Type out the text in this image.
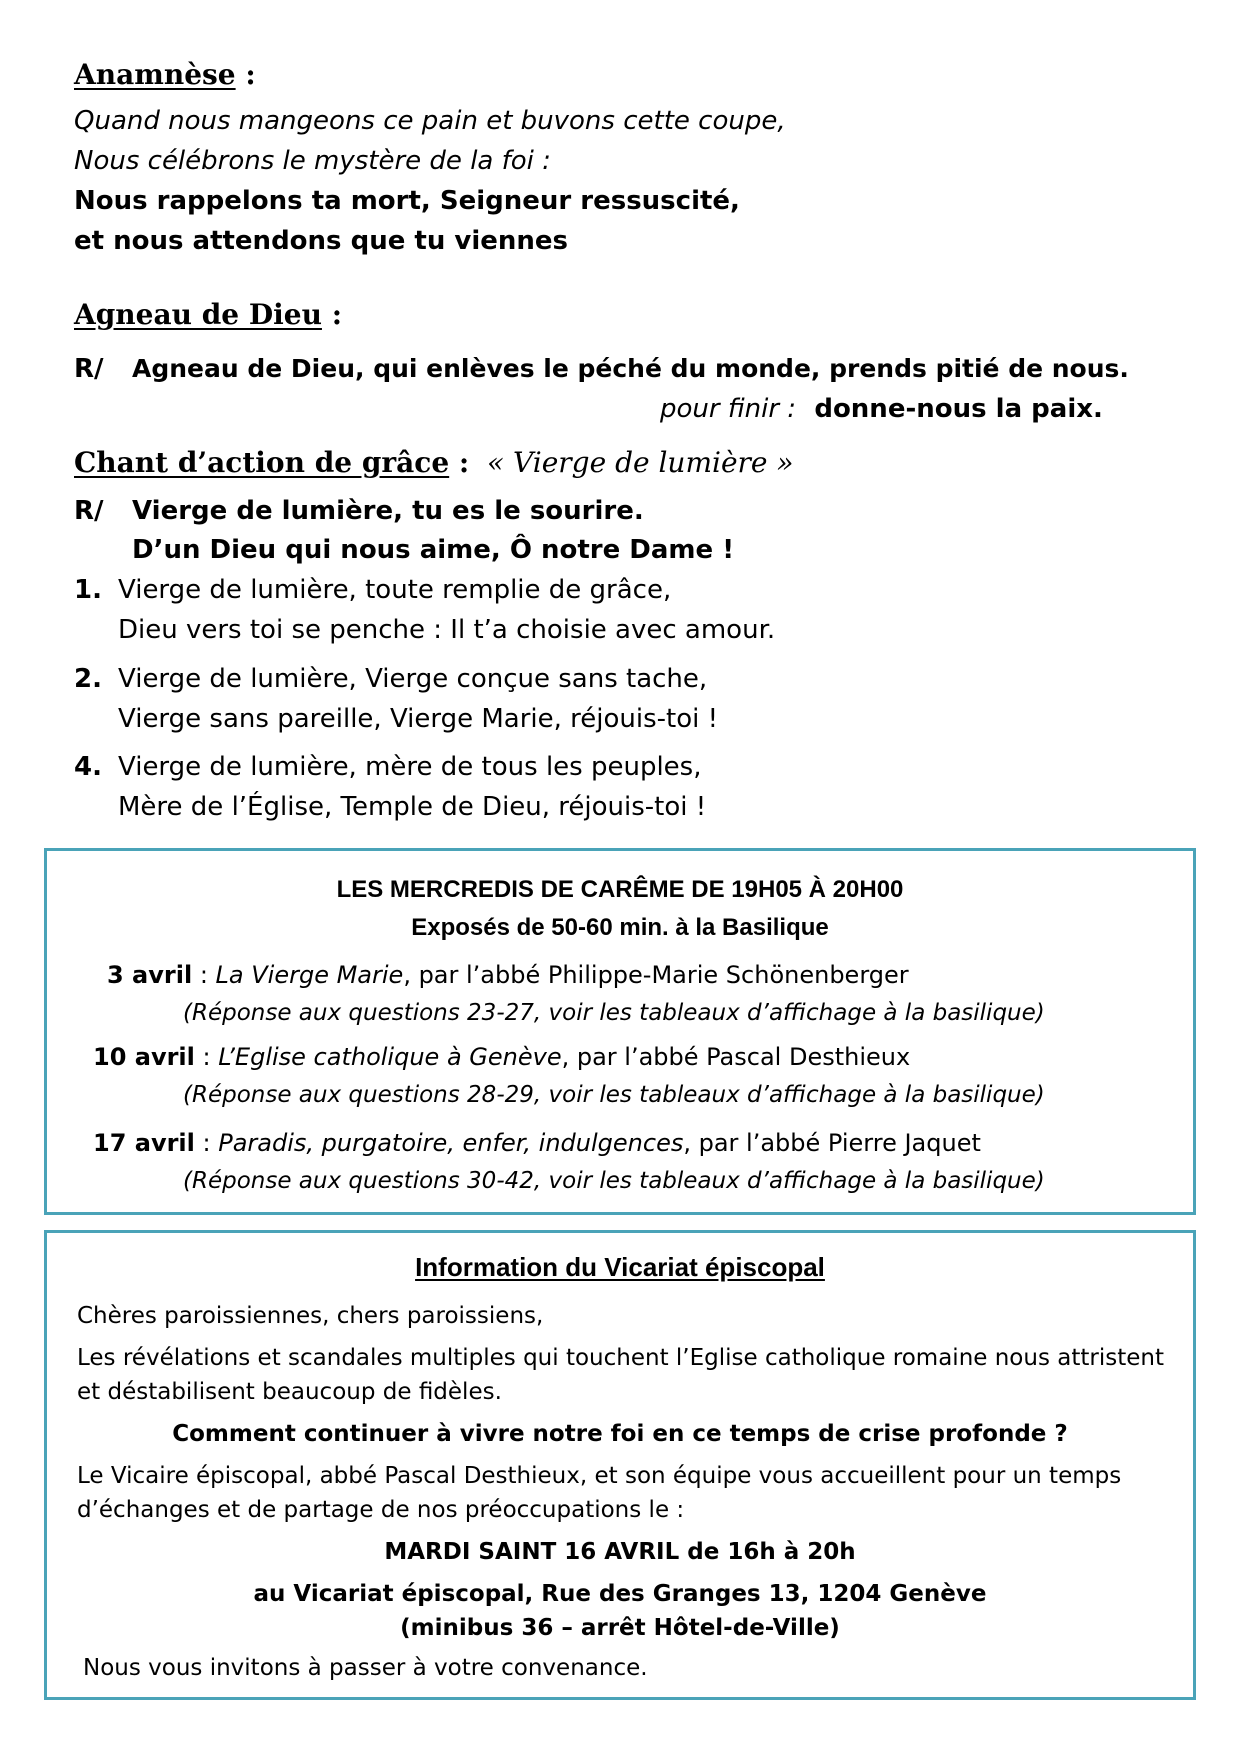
Anamnèse :
Quand nous mangeons ce pain et buvons cette coupe,
Nous célébrons le mystère de la foi :
Nous rappelons ta mort, Seigneur ressuscité,
et nous attendons que tu viennes
Agneau de Dieu :
R/ Agneau de Dieu, qui enlèves le péché du monde, prends pitié de nous.
pour finir : donne-nous la paix.
Chant d’action de grâce : « Vierge de lumière »
R/ Vierge de lumière, tu es le sourire.
D’un Dieu qui nous aime, Ô notre Dame !
1. Vierge de lumière, toute remplie de grâce,
Dieu vers toi se penche : Il t’a choisie avec amour.
2. Vierge de lumière, Vierge conçue sans tache,
Vierge sans pareille, Vierge Marie, réjouis-toi !
4. Vierge de lumière, mère de tous les peuples,
Mère de l’Église, Temple de Dieu, réjouis-toi !
LES MERCREDIS DE CARÊME DE 19H05 À 20H00
Exposés de 50-60 min. à la Basilique
3 avril : La Vierge Marie, par l’abbé Philippe-Marie Schönenberger
(Réponse aux questions 23-27, voir les tableaux d’affichage à la basilique)
10 avril : L’Eglise catholique à Genève, par l’abbé Pascal Desthieux
(Réponse aux questions 28-29, voir les tableaux d’affichage à la basilique)
17 avril : Paradis, purgatoire, enfer, indulgences, par l’abbé Pierre Jaquet
(Réponse aux questions 30-42, voir les tableaux d’affichage à la basilique)
Information du Vicariat épiscopal
Chères paroissiennes, chers paroissiens,
Les révélations et scandales multiples qui touchent l’Eglise catholique romaine nous attristent
et déstabilisent beaucoup de fidèles.
Comment continuer à vivre notre foi en ce temps de crise profonde ?
Le Vicaire épiscopal, abbé Pascal Desthieux, et son équipe vous accueillent pour un temps
d’échanges et de partage de nos préoccupations le :
MARDI SAINT 16 AVRIL de 16h à 20h
au Vicariat épiscopal, Rue des Granges 13, 1204 Genève
(minibus 36 – arrêt Hôtel-de-Ville)
Nous vous invitons à passer à votre convenance.
